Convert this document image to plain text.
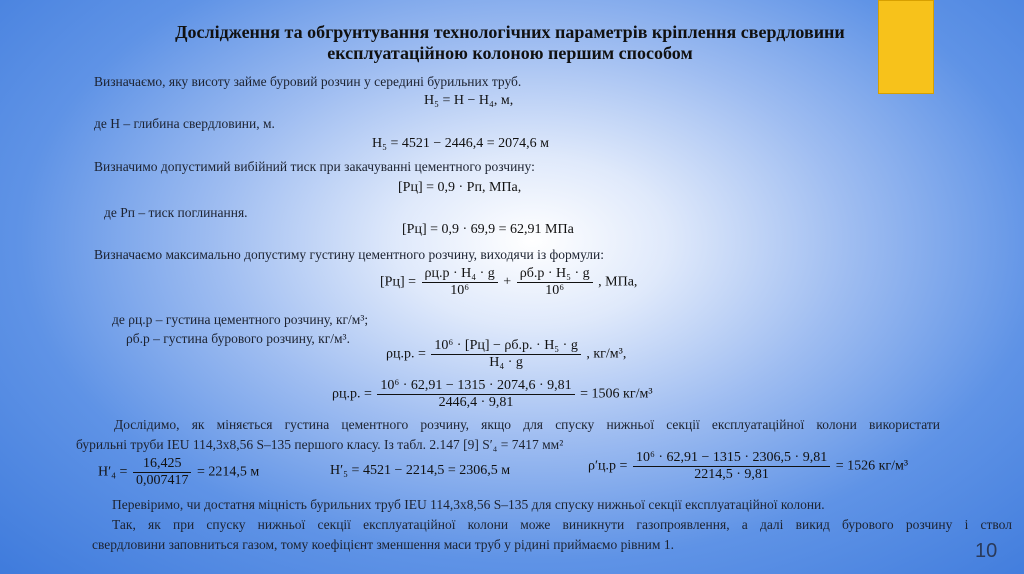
Дослідження та обгрунтування технологічних параметрів кріплення свердловини
експлуатаційною колоною першим способом
Визначаємо, яку висоту займе буровий розчин у середині бурильних труб.
H₅ = H − H₄, м,
де H – глибина свердловини, м.
H₅ = 4521 − 2446,4 = 2074,6 м
Визначимо допустимий вибійний тиск при закачуванні цементного розчину:
[Pц] = 0,9 · Pп, МПа,
де Pп – тиск поглинання.
[Pц] = 0,9 · 69,9 = 62,91 МПа
Визначаємо максимально допустиму густину цементного розчину, виходячи із формули:
$[Pц] = \frac{\text{ρц.р · H₄ · g}}{\text{10⁶}} + \frac{\text{ρб.р · H₅ · g}}{\text{10⁶}}$ , МПа,
де ρц.р – густина цементного розчину, кг/м³;
ρб.р – густина бурового розчину, кг/м³.
ρц.р. = $\frac{\text{10⁶ · [Pц] − ρб.р. · H₅ · g}}{\text{H₄ · g}}$ , кг/м³,
ρц.р. = $\frac{\text{10⁶ · 62,91 − 1315 · 2074,6 · 9,81}}{2446,4 \cdot 9,81} = 1506$ кг/м³
Дослідимо, як міняється густина цементного розчину, якщо для спуску нижньої секції експлуатаційної колони використати
бурильні труби IEU 114,3х8,56 S–135 першого класу. Із табл. 2.147 [9] S′₄ = 7417 мм²
$H'_4 = \frac{16,425}{0,007417} = 2214,5$ м	H′₅ = 4521 − 2214,5 = 2306,5 м	$\rho'ц.р = \frac{\text{10⁶ · 62,91 − 1315 · 2306,5 · 9,81}}{2214,5 \cdot 9,81} = 1526$ кг/м³
Перевіримо, чи достатня міцність бурильних труб IEU 114,3х8,56 S–135 для спуску нижньої секції експлуатаційної колони.
Так, як при спуску нижньої секції експлуатаційної колони може виникнути газопроявлення, а далі викид бурового розчину і ствол
свердловини заповниться газом, тому коефіцієнт зменшення маси труб у рідині приймаємо рівним 1.	10
